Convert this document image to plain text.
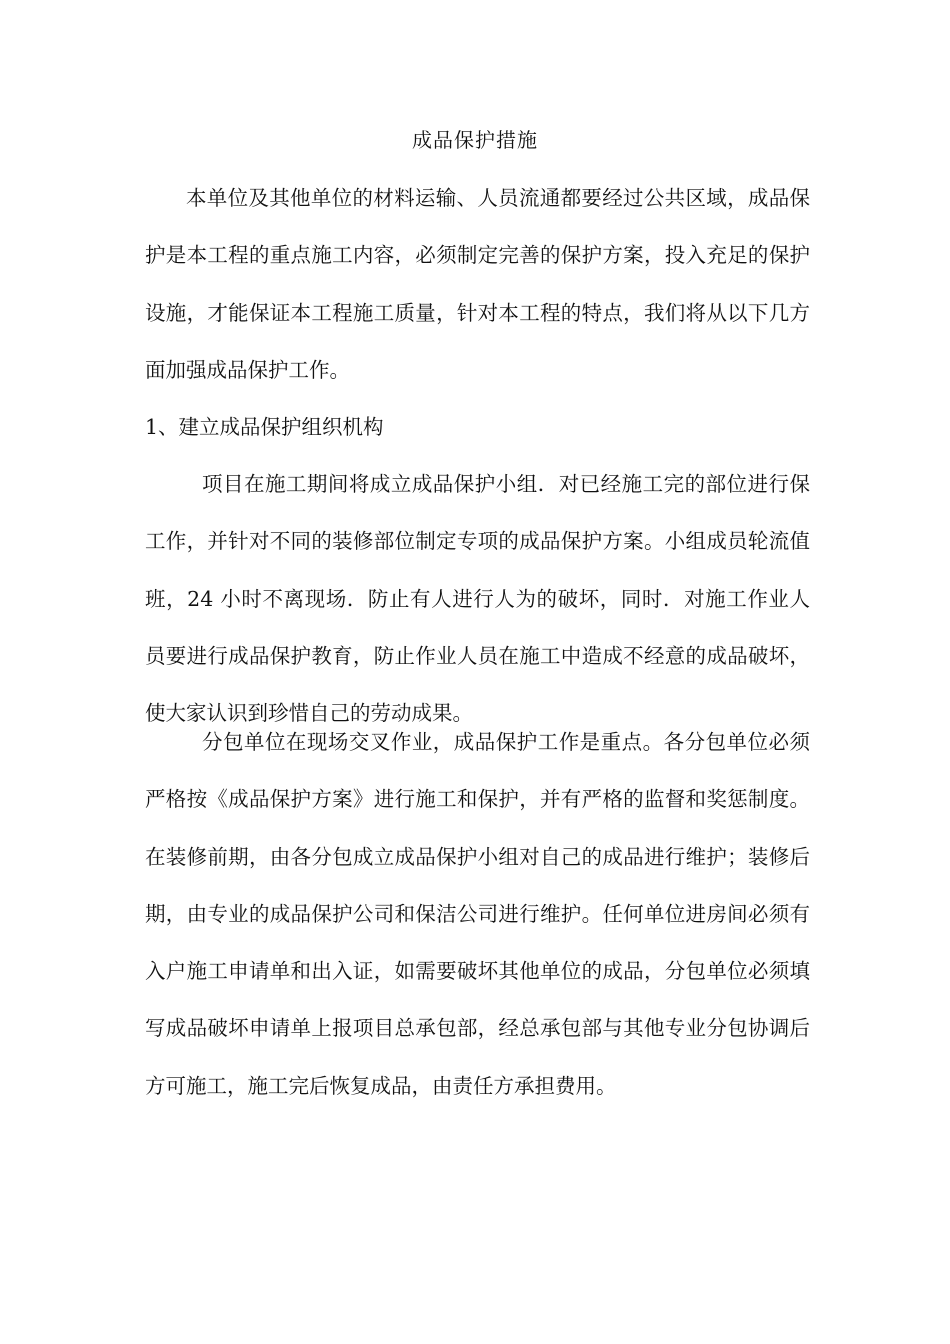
成品保护措施

本单位及其他单位的材料运输、人员流通都要经过公共区域，成品保护是本工程的重点施工内容，必须制定完善的保护方案，投入充足的保护设施，才能保证本工程施工质量，针对本工程的特点，我们将从以下几方面加强成品保护工作。

1、建立成品保护组织机构

项目在施工期间将成立成品保护小组．对已经施工完的部位进行保工作，并针对不同的装修部位制定专项的成品保护方案。小组成员轮流值班，24 小时不离现场．防止有人进行人为的破坏，同时．对施工作业人员要进行成品保护教育，防止作业人员在施工中造成不经意的成品破坏，使大家认识到珍惜自己的劳动成果。

分包单位在现场交叉作业，成品保护工作是重点。各分包单位必须严格按《成品保护方案》进行施工和保护，并有严格的监督和奖惩制度。在装修前期，由各分包成立成品保护小组对自己的成品进行维护；装修后期，由专业的成品保护公司和保洁公司进行维护。任何单位进房间必须有入户施工申请单和出入证，如需要破坏其他单位的成品，分包单位必须填写成品破坏申请单上报项目总承包部，经总承包部与其他专业分包协调后方可施工，施工完后恢复成品，由责任方承担费用。
